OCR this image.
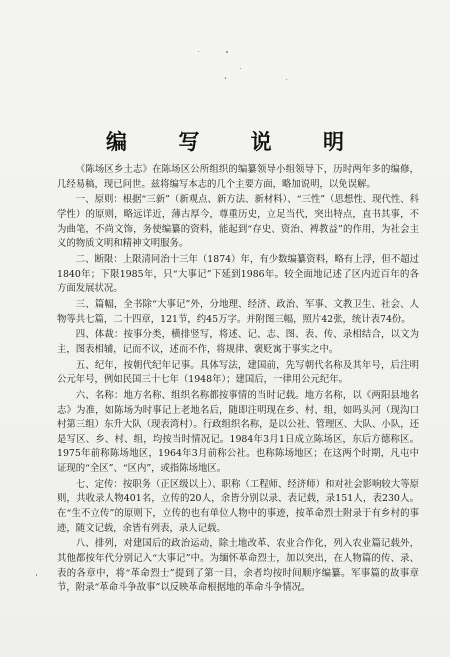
编 写 说 明

《陈场区乡土志》在陈场区公所组织的编纂领导小组领导下，历时两年多的编修，几经易稿，现已问世。兹将编写本志的几个主要方面，略加说明，以免误解。

一、原则：根据“三新”（新观点、新方法、新材料）、“三性”（思想性、现代性、科学性）的原则，略远详近，薄古厚今，尊重历史，立足当代，突出特点，直书其事，不为曲笔，不尚文饰，务使编纂的资料，能起到“存史、资治、裨教益”的作用，为社会主义的物质文明和精神文明服务。

二、断限：上限清同治十三年（1874）年，有少数编纂资料，略有上浮，但不超过1840年；下限1985年，只“大事记”下延到1986年。较全面地记述了区内近百年的各方面发展状况。

三、篇幅，全书除“大事记”外，分地理、经济、政治、军事、文教卫生、社会、人物等共七篇，二十四章，121节，约45万字。并附图三幅，照片42张，统计表74份。

四、体裁：按事分类，横排竖写，将述、记、志、图、表、传、录相结合，以文为主，图表相辅，记而不议，述而不作，将规律、褒贬寓于事实之中。

五、纪年，按朝代纪年记事。具体写法，建国前，先写朝代名称及其年号，后注明公元年号，例如民国三十七年（1948年）；建国后，一律用公元纪年。

六、名称：地方名称、组织名称都按事情的当时记载。地方名称，以《两阳县地名志》为准，如陈场为时事记上老地名后，随即注明现在乡、村、组，如吗头河（现沟口村第三组）东升大队（现表湾村）。行政组织名称，是以公社、管理区、大队、小队，还是写区、乡、村、组，均按当时情况记。1984年3月1日成立陈场区，东后方德称区。1975年前称陈场地区，1964年3月前称公社。也称陈场地区；在这两个时期，凡屯中证现的“全区”、“区内”，或指陈场地区。

七、定传：按职务（正区级以上）、职称（工程师、经济师）和对社会影响较大等原则，共收录人物401名，立传的20人，余皆分别以录、表记载，录151人，表230人。在“生不立传”的原则下，立传的也有单位人物中的事迹，按革命烈士附录于有乡村的事迹，随文记载，余皆有列表，录人记载。

八、排列，对建国后的政治运动，除土地改革、农业合作化，列入农业篇记载外，其他都按年代分别记入“大事记”中。为缅怀革命烈士，加以突出，在人物篇的传、录、表的各章中，将“革命烈士”提到了第一目，余者均按时间顺序编纂。军事篇的故事章节，附录“革命斗争故事”以反映革命根据地的革命斗争情况。
